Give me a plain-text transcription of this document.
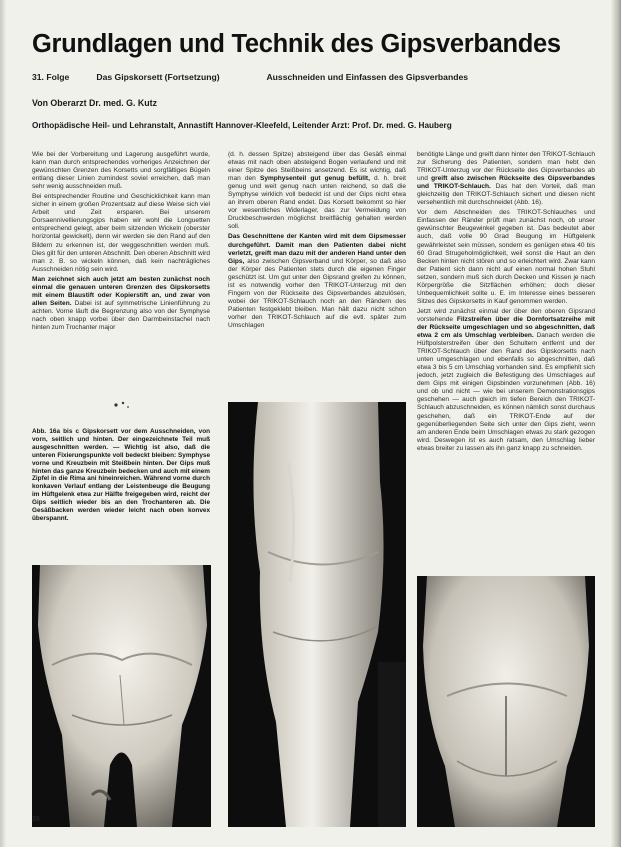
Grundlagen und Technik des Gipsverbandes
31. Folge	Das Gipskorsett (Fortsetzung)	Ausschneiden und Einfassen des Gipsverbandes
Von Oberarzt Dr. med. G. Kutz
Orthopädische Heil- und Lehranstalt, Annastift Hannover-Kleefeld, Leitender Arzt: Prof. Dr. med. G. Hauberg

Wie bei der Vorbereitung und Lagerung ausgeführt wurde, kann man durch entsprechendes vorheriges Anzeichnen der gewünschten Grenzen des Korsetts und sorgfältiges Bügeln entlang dieser Linien zumindest soviel erreichen, daß man sehr wenig ausschneiden muß.

Bei entsprechender Routine und Geschicklichkeit kann man sicher in einem großen Prozentsatz auf diese Weise sich viel Arbeit und Zeit ersparen. Bei unserem Dorsaennivellierungsgips haben wir wohl die Longuetten entsprechend gelegt, aber beim sitzenden Wickeln (oberster horizontal gewickelt), denn wir werden sie den Rand auf den Bildern zu erkennen ist, der weggeschnitten werden muß. Dies gilt für den unteren Abschnitt. Den oberen Abschnitt wird man z. B. so wickeln können, daß kein nachträgliches Ausschneiden nötig sein wird.

Man zeichnet sich auch jetzt am besten zunächst noch einmal die genauen unteren Grenzen des Gipskorsetts mit einem Blaustift oder Kopierstift an, und zwar von allen Seiten. Dabei ist auf symmetrische Linienführung zu achten. Vorne läuft die Begrenzung also von der Symphyse nach oben knapp vorbei über den Darmbeinstachel nach hinten zum Trochanter major

(d. h. dessen Spitze) absteigend über das Gesäß einmal etwas mit nach oben absteigend Bogen verlaufend und mit einer Spitze des Steißbeins ansetzend. Es ist wichtig, daß man den Symphysenteil gut genug befüllt, d. h. breit genug und weit genug nach unten reichend, so daß die Symphyse wirklich voll bedeckt ist und der Gips nicht etwa an ihrem oberen Rand endet. Das Korsett bekommt so hier vor wesentliches Widerlager, das zur Vermeidung von Druckbeschwerden möglichst breitflächig gehalten werden soll.

Das Geschnittene der Kanten wird mit dem Gipsmesser durchgeführt. Damit man den Patienten dabei nicht verletzt, greift man dazu mit der anderen Hand unter den Gips, also zwischen Gipsverband und Körper, so daß also der Körper des Patienten stets durch die eigenen Finger geschützt ist. Um gut unter den Gipsrand greifen zu können, ist es notwendig vorher den TRIKOT-Unterzug mit den Fingern von der Rückseite des Gipsverbandes abzulösen, wobei der TRIKOT-Schlauch noch an den Rändern des Patienten festgeklebt bleiben. Man hält dazu nicht schon vorher den TRIKOT-Schlauch auf die evtl. später zum Umschlagen

benötigte Länge und greift dann hinter den TRIKOT-Schlauch zur Sicherung des Patienten, sondern man hebt den TRIKOT-Unterzug vor der Rückseite des Gipsverbandes ab und greift also zwischen Rückseite des Gipsverbandes und TRIKOT-Schlauch. Das hat den Vorteil, daß man gleichzeitig den TRIKOT-Schlauch sichert und diesen nicht versehentlich mit durchschneidet (Abb. 16).

Vor dem Abschneiden des TRIKOT-Schlauches und Einfassen der Ränder prüft man zunächst noch, ob unser gewünschter Beugewinkel gegeben ist. Das bedeutet aber auch, daß volle 90 Grad Beugung im Hüftgelenk gewährleistet sein müssen, sondern es genügen etwa 40 bis 60 Grad Strugeholmöglichkeit, weil sonst die Haut an den Becken hinten nicht stören und so erleichtert wird. Zwar kann der Patient sich dann nicht auf einen normal hohen Stuhl setzen, sondern muß sich durch Decken und Kissen je nach Körpergröße die Sitzflächen erhöhen; doch dieser Unbequemlichkeit sollte u. E. im Interesse eines besseren Sitzes des Gipskorsetts in Kauf genommen werden.

Jetzt wird zunächst einmal der über den oberen Gipsrand vorstehende Filzstreifen über die Dornfortsatzreihe mit der Rückseite umgeschlagen und so abgeschnitten, daß etwa 2 cm als Umschlag verbleiben. Danach werden die Hüftpolsterstreifen über den Schultern entfernt und der TRIKOT-Schlauch über den Rand des Gipskorsetts nach unten umgeschlagen und ebenfalls so abgeschnitten, daß etwa 3 bis 5 cm Umschlag vorhanden sind. Es empfiehlt sich jedoch, jetzt zugleich die Befestigung des Umschlages auf dem Gips mit einigen Gipsbinden vorzunehmen (Abb. 16) und ob und nicht — wie bei unserem Demonstrationsgips geschehen — auch gleich im tiefen Bereich den TRIKOT-Schlauch abzuschneiden, es können nämlich sonst durchaus geschehen, daß ein TRIKOT-Ende auf der gegenüberliegenden Seite sich unter den Gips zieht, wenn am anderen Ende beim Umschlagen etwas zu stark gezogen wird. Deswegen ist es auch ratsam, den Umschlag lieber etwas breiter zu lassen als ihn ganz knapp zu schneiden.

Abb. 16a bis c Gipskorsett vor dem Ausschneiden, von vorn, seitlich und hinten. Der eingezeichnete Teil muß ausgeschnitten werden. — Wichtig ist also, daß die unteren Fixierungspunkte voll bedeckt bleiben: Symphyse vorne und Kreuzbein mit Steißbein hinten. Der Gips muß hinten das ganze Kreuzbein bedecken und auch mit einem Zipfel in die Rima ani hineinreichen. Während vorne durch konkaven Verlauf entlang der Leistenbeuge die Beugung im Hüftgelenk etwa zur Hälfte freigegeben wird, reicht der Gips seitlich wieder bis an den Trochanteren ab. Die Gesäßbacken werden wieder leicht nach oben konvex überspannt.
38
